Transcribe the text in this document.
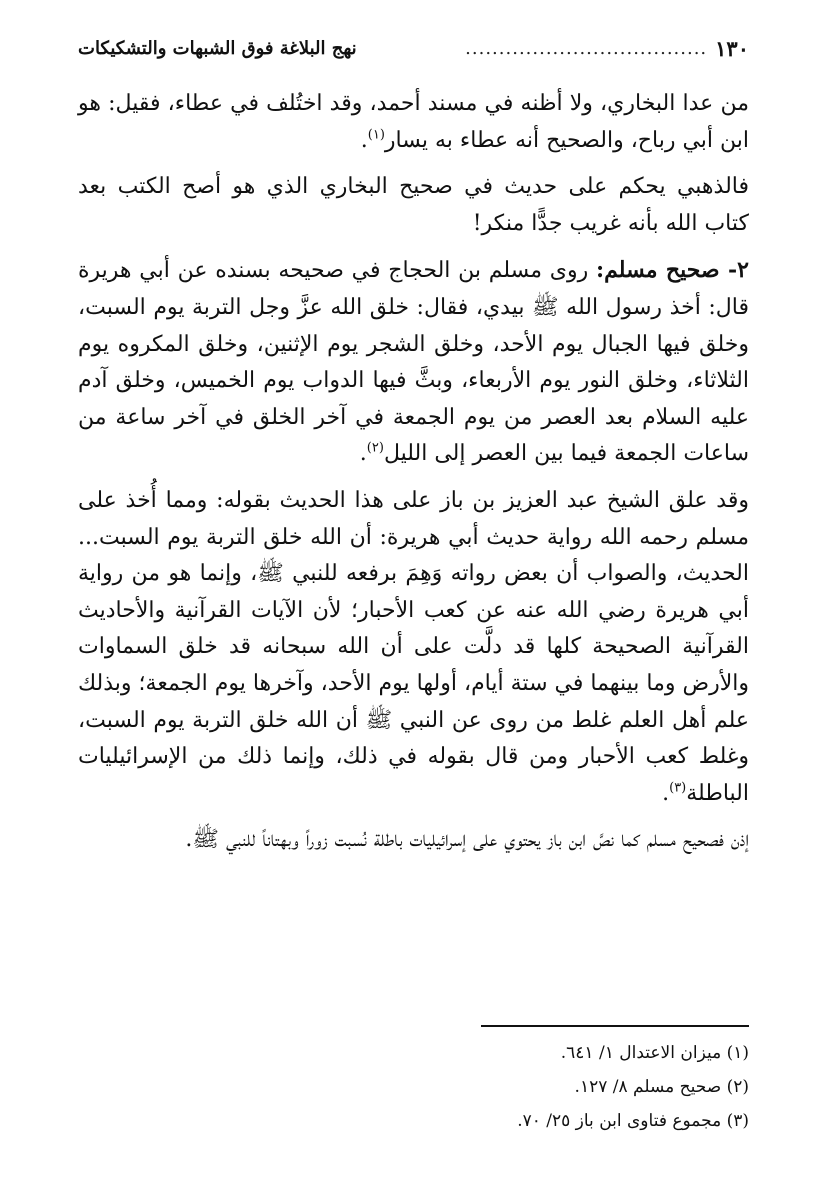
١٣٠
....................................
نهج البلاغة فوق الشبهات والتشكيكات

من عدا البخاري، ولا أظنه في مسند أحمد، وقد اختُلف في عطاء، فقيل: هو ابن أبي رباح، والصحيح أنه عطاء به يسار$^{(١)}$.

فالذهبي يحكم على حديث في صحيح البخاري الذي هو أصح الكتب بعد كتاب الله بأنه غريب جدًّا منكر!

٢- صحيح مسلم: روى مسلم بن الحجاج في صحيحه بسنده عن أبي هريرة قال: أخذ رسول الله ﷺ بيدي، فقال: خلق الله عزَّ وجل التربة يوم السبت، وخلق فيها الجبال يوم الأحد، وخلق الشجر يوم الإثنين، وخلق المكروه يوم الثلاثاء، وخلق النور يوم الأربعاء، وبثَّ فيها الدواب يوم الخميس، وخلق آدم عليه السلام بعد العصر من يوم الجمعة في آخر الخلق في آخر ساعة من ساعات الجمعة فيما بين العصر إلى الليل$^{(٢)}$.

وقد علق الشيخ عبد العزيز بن باز على هذا الحديث بقوله: ومما أُخذ على مسلم رحمه الله رواية حديث أبي هريرة: أن الله خلق التربة يوم السبت... الحديث، والصواب أن بعض رواته وَهِمَ برفعه للنبي ﷺ، وإنما هو من رواية أبي هريرة رضي الله عنه عن كعب الأحبار؛ لأن الآيات القرآنية والأحاديث القرآنية الصحيحة كلها قد دلَّت على أن الله سبحانه قد خلق السماوات والأرض وما بينهما في ستة أيام، أولها يوم الأحد، وآخرها يوم الجمعة؛ وبذلك علم أهل العلم غلط من روى عن النبي ﷺ أن الله خلق التربة يوم السبت، وغلط كعب الأحبار ومن قال بقوله في ذلك، وإنما ذلك من الإسرائيليات الباطلة$^{(٣)}$.

إذن فصحيح مسلم كما نصَّ ابن باز يحتوي على إسرائيليات باطلة نُسبت زوراً وبهتاناً للنبي ﷺ.

(١) ميزان الاعتدال ١/ ٦٤١.

(٢) صحيح مسلم ٨/ ١٢٧.

(٣) مجموع فتاوى ابن باز ٢٥/ ٧٠.
